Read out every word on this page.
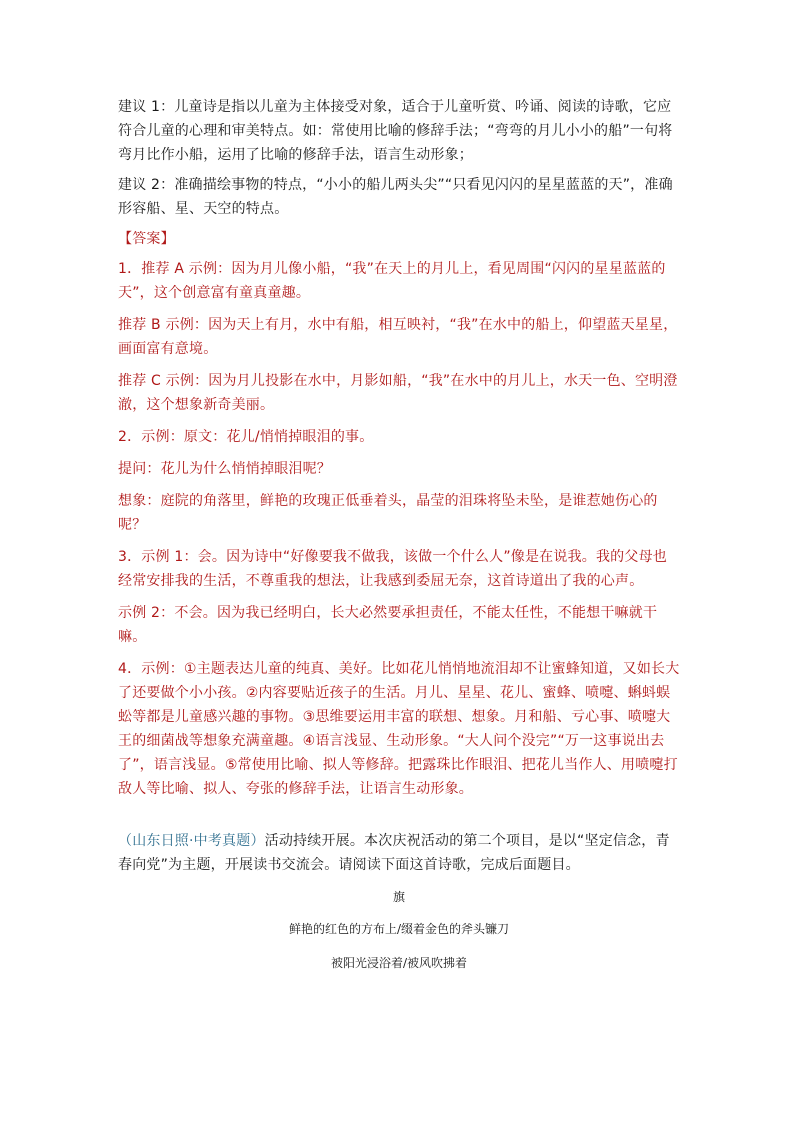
建议 1：儿童诗是指以儿童为主体接受对象，适合于儿童听赏、吟诵、阅读的诗歌，它应符合儿童的心理和审美特点。如：常使用比喻的修辞手法；“弯弯的月儿小小的船”一句将弯月比作小船，运用了比喻的修辞手法，语言生动形象；

建议 2：准确描绘事物的特点，“小小的船儿两头尖”“只看见闪闪的星星蓝蓝的天”，准确形容船、星、天空的特点。

【答案】

1．推荐 A 示例：因为月儿像小船，“我”在天上的月儿上，看见周围“闪闪的星星蓝蓝的天”，这个创意富有童真童趣。

推荐 B 示例：因为天上有月，水中有船，相互映衬，“我”在水中的船上，仰望蓝天星星，画面富有意境。

推荐 C 示例：因为月儿投影在水中，月影如船，“我”在水中的月儿上，水天一色、空明澄澈，这个想象新奇美丽。

2．示例：原文：花儿/悄悄掉眼泪的事。

提问：花儿为什么悄悄掉眼泪呢？

想象：庭院的角落里，鲜艳的玫瑰正低垂着头，晶莹的泪珠将坠未坠，是谁惹她伤心的呢？

3．示例 1：会。因为诗中“好像要我不做我，该做一个什么人”像是在说我。我的父母也经常安排我的生活，不尊重我的想法，让我感到委屈无奈，这首诗道出了我的心声。

示例 2：不会。因为我已经明白，长大必然要承担责任，不能太任性，不能想干嘛就干嘛。

4．示例：①主题表达儿童的纯真、美好。比如花儿悄悄地流泪却不让蜜蜂知道，又如长大了还要做个小小孩。②内容要贴近孩子的生活。月儿、星星、花儿、蜜蜂、喷嚏、蝌蚪蜈蚣等都是儿童感兴趣的事物。③思维要运用丰富的联想、想象。月和船、亏心事、喷嚏大王的细菌战等想象充满童趣。④语言浅显、生动形象。“大人问个没完”“万一这事说出去了”，语言浅显。⑤常使用比喻、拟人等修辞。把露珠比作眼泪、把花儿当作人、用喷嚏打敌人等比喻、拟人、夸张的修辞手法，让语言生动形象。

（山东日照·中考真题）活动持续开展。本次庆祝活动的第二个项目，是以“坚定信念，青春向党”为主题，开展读书交流会。请阅读下面这首诗歌，完成后面题目。

旗
鲜艳的红色的方布上/缀着金色的斧头镰刀
被阳光浸浴着/被风吹拂着
